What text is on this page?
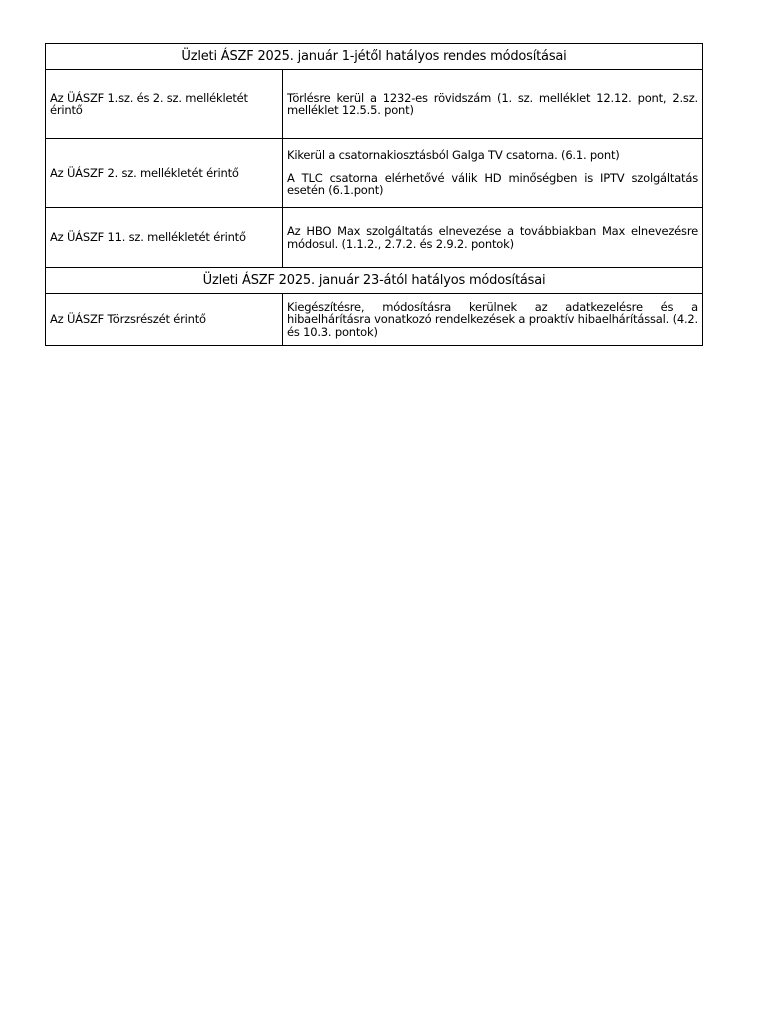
Üzleti ÁSZF 2025. január 1-jétől hatályos rendes módosításai	
Az ÜÁSZF 1.sz. és 2. sz. mellékletét érintő	Törlésre kerül a 1232-es rövidszám (1. sz. melléklet 12.12. pont, 2.sz. melléklet 12.5.5. pont)

Az ÜÁSZF 2. sz. mellékletét érintő	Kikerül a csatornakiosztásból Galga TV csatorna. (6.1. pont)

A TLC csatorna elérhetővé válik HD minőségben is IPTV szolgáltatás esetén (6.1.pont)

Az ÜÁSZF 11. sz. mellékletét érintő	Az HBO Max szolgáltatás elnevezése a továbbiakban Max elnevezésre módosul. (1.1.2., 2.7.2. és 2.9.2. pontok)

Üzleti ÁSZF 2025. január 23-ától hatályos módosításai	
Az ÜÁSZF Törzsrészét érintő	Kiegészítésre, módosításra kerülnek az adatkezelésre és a hibaelhárításra vonatkozó rendelkezések a proaktív hibaelhárítással. (4.2. és 10.3. pontok)
